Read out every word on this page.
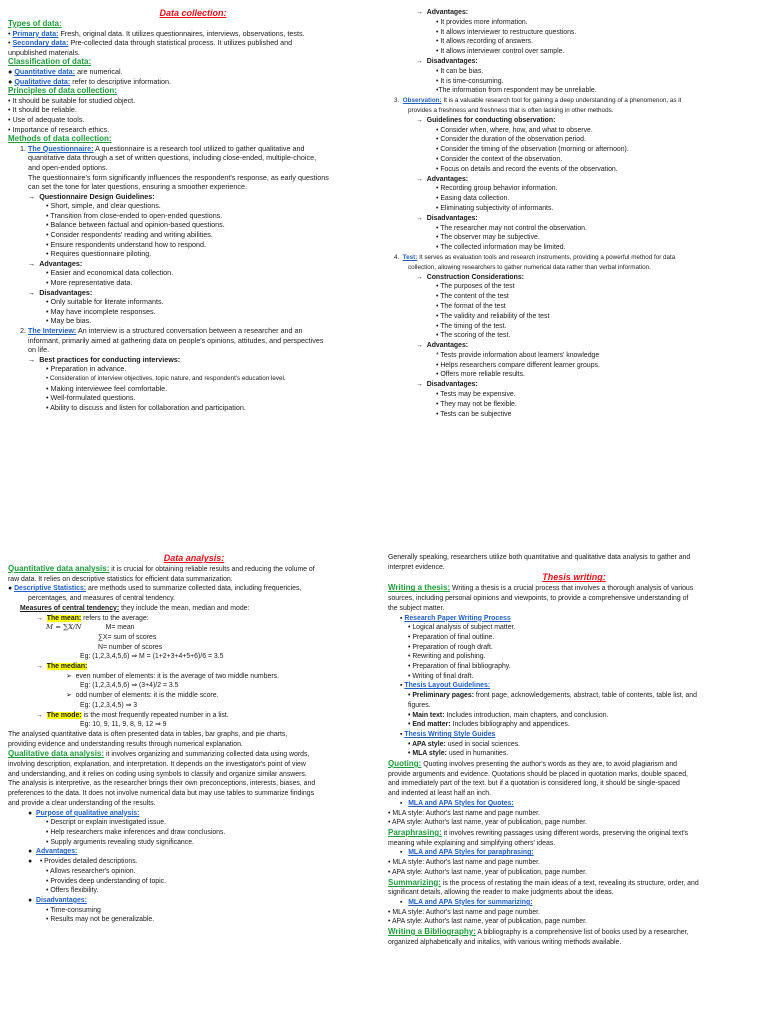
Data collection:
Types of data:
• Primary data: Fresh, original data. It utilizes questionnaires, interviews, observations, tests.
• Secondary data: Pre-collected data through statistical process. It utilizes published and
unpublished materials.
Classification of data:
● Quantitative data: are numerical.
● Qualitative data: refer to descriptive information.
Principles of data collection:
• It should be suitable for studied object.
• It should be reliable.
• Use of adequate tools.
• Importance of research ethics.
Methods of data collection:
1. The Questionnaire: A questionnaire is a research tool utilized to gather qualitative and
quantitative data through a set of written questions, including close-ended, multiple-choice,
and open-ended options.
The questionnaire's form significantly influences the respondent's response, as early questions
can set the tone for later questions, ensuring a smoother experience.
→ Questionnaire Design Guidelines:
• Short, simple, and clear questions.
• Transition from close-ended to open-ended questions.
• Balance between factual and opinion-based questions.
• Consider respondents' reading and writing abilities.
• Ensure respondents understand how to respond.
• Requires questionnaire piloting.
→ Advantages:
• Easier and economical data collection.
• More representative data.
→ Disadvantages:
• Only suitable for literate informants.
• May have incomplete responses.
• May be bias.
2. The Interview: An interview is a structured conversation between a researcher and an
informant, primarily aimed at gathering data on people's opinions, attitudes, and perspectives
on life.
→ Best practices for conducting interviews:
• Preparation in advance.
• Consideration of interview objectives, topic nature, and respondent's education level.
• Making interviewee feel comfortable.
• Well-formulated questions.
• Ability to discuss and listen for collaboration and participation.
→ Advantages:
• It provides more information.
• It allows interviewer to restructure questions.
• It allows recording of answers.
• It allows interviewer control over sample.
→ Disadvantages:
• It can be bias.
• It is time-consuming.
•The information from respondent may be unreliable.
3. Observation: It is a valuable research tool for gaining a deep understanding of a phenomenon, as it
provides a freshness and freshness that is often lacking in other methods.
→ Guidelines for conducting observation:
• Consider when, where, how, and what to observe.
• Consider the duration of the observation period.
• Consider the timing of the observation (morning or afternoon).
• Consider the context of the observation.
• Focus on details and record the events of the observation.
→ Advantages:
• Recording group behavior information.
• Easing data collection.
• Eliminating subjectivity of informants.
→ Disadvantages:
• The researcher may not control the observation.
• The observer may be subjective.
• The collected information may be limited.
4. Test: It serves as evaluation tools and research instruments, providing a powerful method for data
collection, allowing researchers to gather numerical data rather than verbal information.
→ Construction Considerations:
• The purposes of the test
• The content of the test
• The format of the test
• The validity and reliability of the test
• The timing of the test.
• The scoring of the test.
→ Advantages:
* Tests provide information about learners' knowledge
• Helps researchers compare different learner groups.
• Offers more reliable results.
→ Disadvantages:
• Tests may be expensive.
• They may not be flexible.
• Tests can be subjective
Data analysis:
Quantitative data analysis: it is crucial for obtaining reliable results and reducing the volume of
raw data. It relies on descriptive statistics for efficient data summarization.
● Descriptive Statistics: are methods used to summarize collected data, including frequencies,
percentages, and measures of central tendency.
Measures of central tendency: they include the mean, median and mode:
→ The mean: refers to the average:
M = ∑X/N	M= mean
∑X= sum of scores
N= number of scores
Eg: (1,2,3,4,5,6) ⇒ M = (1+2+3+4+5+6)/6 = 3.5
→ The median:
➢  even number of elements: it is the average of two middle numbers.
Eg: (1,2,3,4,5,6) ⇒ (3+4)/2 = 3.5
➢  odd number of elements: it is the middle score.
Eg: (1,2,3,4,5) ⇒ 3
→ The mode: is the most frequently repeated number in a list.
Eg: 10, 9, 11, 9, 8, 9, 12 ⇒ 9
The analysed quantitative data is often presented data in tables, bar graphs, and pie charts,
providing evidence and understanding results through numerical explanation.
Qualitative data analysis: it involves organizing and summarizing collected data using words,
involving description, explanation, and interpretation. It depends on the investigator's point of view
and understanding, and it relies on coding using symbols to classify and organize similar answers.
The analysis is interpretive, as the researcher brings their own preconceptions, interests, biases, and
preferences to the data. It does not involve numerical data but may use tables to summarize findings
and provide a clear understanding of the results.
●  Purpose of qualitative analysis:
• Descript or explain investigated issue.
• Help researchers make inferences and draw conclusions.
• Supply arguments revealing study significance.
●  Advantages:
●    • Provides detailed descriptions.
• Allows researcher's opinion.
• Provides deep understanding of topic.
• Offers flexibility.
●  Disadvantages:
• Time-consuming
• Results may not be generalizable.
Generally speaking, researchers utilize both quantitative and qualitative data analysis to gather and
interpret evidence.
Thesis writing:
Writing a thesis: Writing a thesis is a crucial process that involves a thorough analysis of various
sources, including personal opinions and viewpoints, to provide a comprehensive understanding of
the subject matter.
▪ Research Paper Writing Process
• Logical analysis of subject matter.
• Preparation of final outline.
• Preparation of rough draft.
• Rewriting and polishing.
• Preparation of final bibliography.
• Writing of final draft.
▪ Thesis Layout Guidelines:
• Preliminary pages: front page, acknowledgements, abstract, table of contents, table list, and
figures.
• Main text: Includes introduction, main chapters, and conclusion.
• End matter: Includes bibliography and appendices.
▪ Thesis Writing Style Guides
• APA style: used in social sciences.
• MLA style: used in humanities.
Quoting: Quoting involves presenting the author's words as they are, to avoid plagiarism and
provide arguments and evidence. Quotations should be placed in quotation marks, double spaced,
and immediately part of the text. but if a quotation is considered long, it should be single-spaced
and indented at least half an inch.
▪   MLA and APA Styles for Quotes:
• MLA style: Author's last name and page number.
• APA style: Author's last name, year of publication, page number.
Paraphrasing: it involves rewriting passages using different words, preserving the original text's
meaning while explaining and simplifying others' ideas.
▪   MLA and APA Styles for paraphrasing:
• MLA style: Author's last name and page number.
• APA style: Author's last name, year of publication, page number.
Summarizing: is the process of restating the main ideas of a text, revealing its structure, order, and
significant details, allowing the reader to make judgments about the ideas.
▪   MLA and APA Styles for summarizing:
• MLA style: Author's last name and page number.
• APA style: Author's last name, year of publication, page number.
Writing a Bibliography: A bibliography is a comprehensive list of books used by a researcher,
organized alphabetically and initalics, with various writing methods available.
